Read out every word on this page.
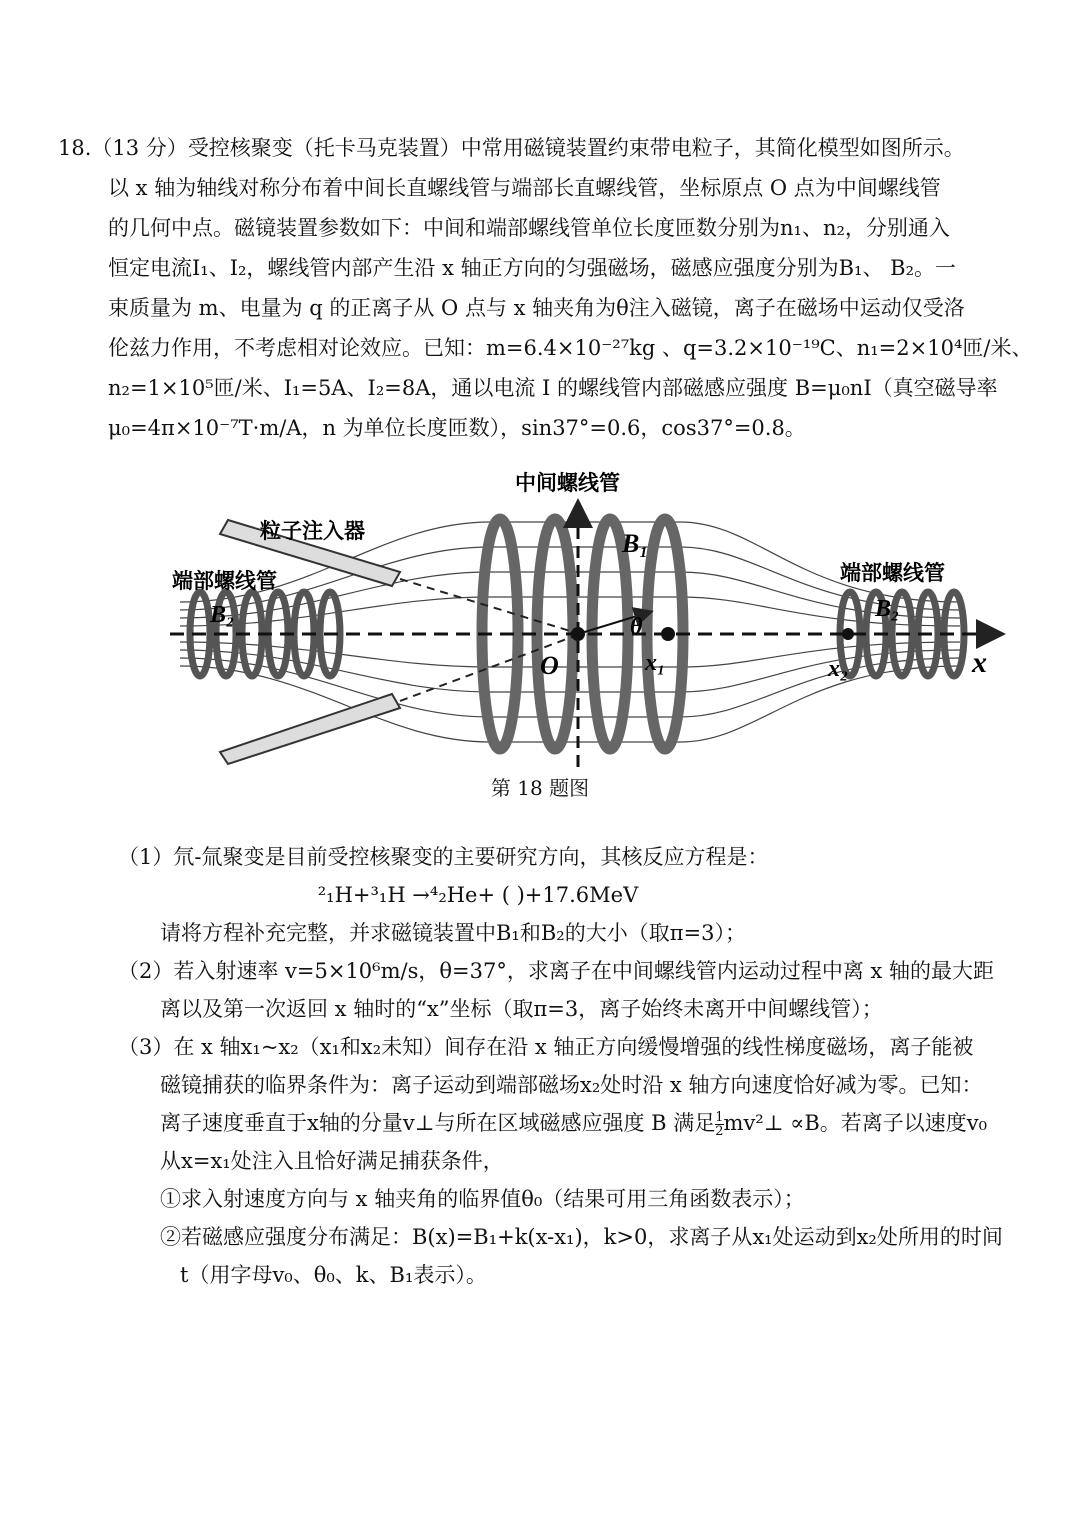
18.（13 分）受控核聚变（托卡马克装置）中常用磁镜装置约束带电粒子，其简化模型如图所示。

以 x 轴为轴线对称分布着中间长直螺线管与端部长直螺线管，坐标原点 O 点为中间螺线管

的几何中点。磁镜装置参数如下：中间和端部螺线管单位长度匝数分别为n₁、n₂，分别通入

恒定电流I₁、I₂，螺线管内部产生沿 x 轴正方向的匀强磁场，磁感应强度分别为B₁、 B₂。一

束质量为 m、电量为 q 的正离子从 O 点与 x 轴夹角为θ注入磁镜，离子在磁场中运动仅受洛

伦兹力作用，不考虑相对论效应。已知：m=6.4×10⁻²⁷kg 、q=3.2×10⁻¹⁹C、n₁=2×10⁴匝/米、

n₂=1×10⁵匝/米、I₁=5A、I₂=8A，通以电流 I 的螺线管内部磁感应强度 B=μ₀nI（真空磁导率

μ₀=4π×10⁻⁷T·m/A，n 为单位长度匝数），sin37°=0.6，cos37°=0.8。

中间螺线管
粒子注入器
端部螺线管	端部螺线管
B₁
B₂	B₂
θ
O	x₁	x₂	x
第 18 题图

（1）氘-氚聚变是目前受控核聚变的主要研究方向，其核反应方程是：

²₁H+³₁H →⁴₂He+ ( )+17.6MeV

请将方程补充完整，并求磁镜装置中B₁和B₂的大小（取π=3）；

（2）若入射速率 v=5×10⁶m/s，θ=37°，求离子在中间螺线管内运动过程中离 x 轴的最大距

离以及第一次返回 x 轴时的“x”坐标（取π=3，离子始终未离开中间螺线管）；

（3）在 x 轴x₁~x₂（x₁和x₂未知）间存在沿 x 轴正方向缓慢增强的线性梯度磁场，离子能被

磁镜捕获的临界条件为：离子运动到端部磁场x₂处时沿 x 轴方向速度恰好减为零。已知：

离子速度垂直于x轴的分量v⊥与所在区域磁感应强度 B 满足 $\frac{1}{2}$ mv²⊥ ∝B。若离子以速度v₀

从x=x₁处注入且恰好满足捕获条件，

①求入射速度方向与 x 轴夹角的临界值θ₀（结果可用三角函数表示）；

②若磁感应强度分布满足：B(x)=B₁+k(x-x₁)，k>0，求离子从x₁处运动到x₂处所用的时间

t（用字母v₀、θ₀、k、B₁表示）。
